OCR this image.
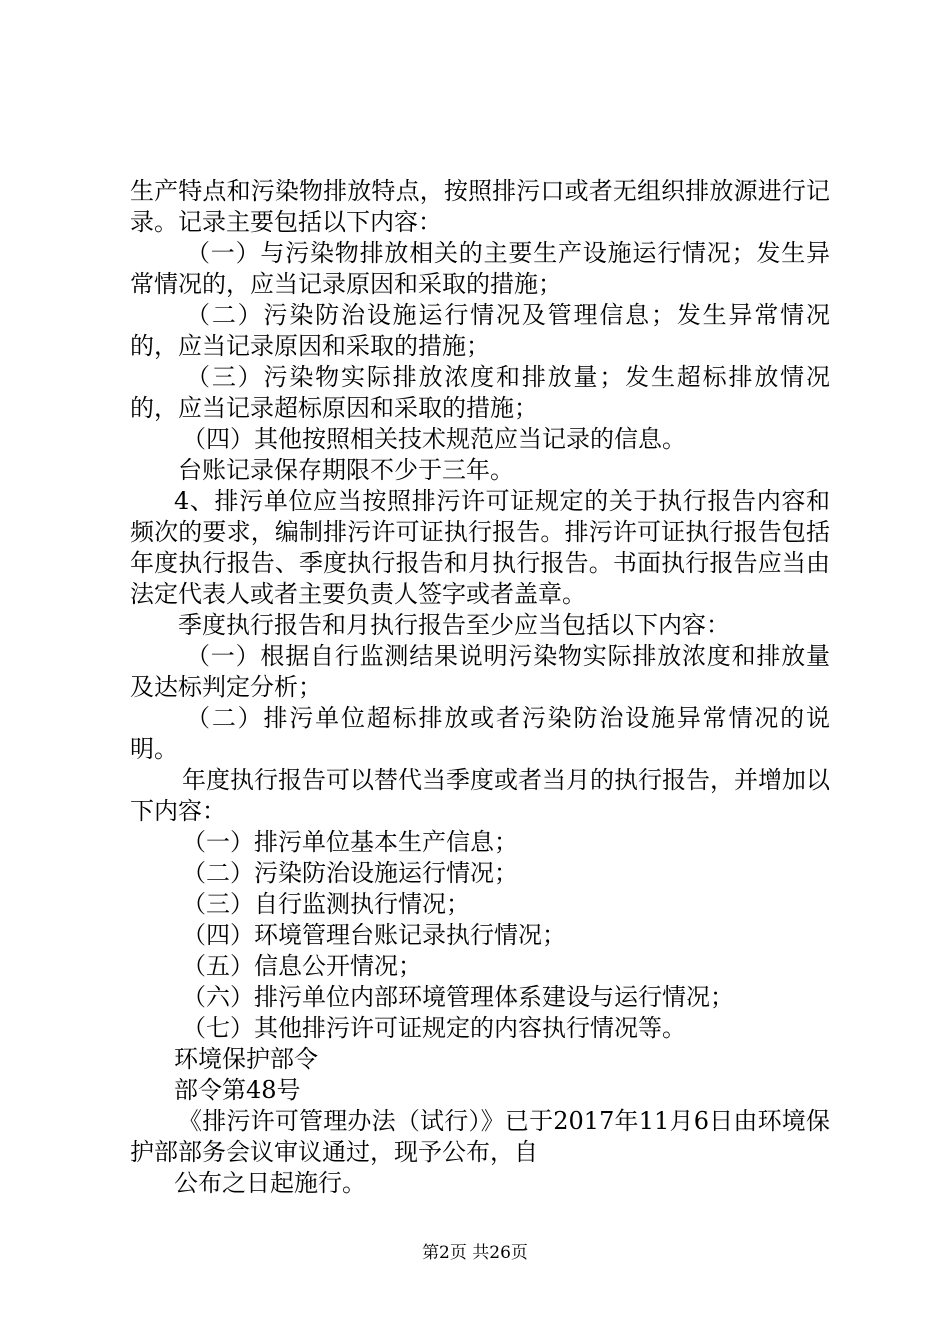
生产特点和污染物排放特点，按照排污口或者无组织排放源进行记录。记录主要包括以下内容：

（一）与污染物排放相关的主要生产设施运行情况；发生异常情况的，应当记录原因和采取的措施；

（二）污染防治设施运行情况及管理信息；发生异常情况的，应当记录原因和采取的措施；

（三）污染物实际排放浓度和排放量；发生超标排放情况的，应当记录超标原因和采取的措施；

（四）其他按照相关技术规范应当记录的信息。

台账记录保存期限不少于三年。

4、排污单位应当按照排污许可证规定的关于执行报告内容和频次的要求，编制排污许可证执行报告。排污许可证执行报告包括年度执行报告、季度执行报告和月执行报告。书面执行报告应当由法定代表人或者主要负责人签字或者盖章。

季度执行报告和月执行报告至少应当包括以下内容：

（一）根据自行监测结果说明污染物实际排放浓度和排放量及达标判定分析；

（二）排污单位超标排放或者污染防治设施异常情况的说明。

年度执行报告可以替代当季度或者当月的执行报告，并增加以下内容：

（一）排污单位基本生产信息；

（二）污染防治设施运行情况；

（三）自行监测执行情况；

（四）环境管理台账记录执行情况；

（五）信息公开情况；

（六）排污单位内部环境管理体系建设与运行情况；

（七）其他排污许可证规定的内容执行情况等。

环境保护部令

部令第48号

《排污许可管理办法（试行）》已于2017年11月6日由环境保护部部务会议审议通过，现予公布，自

公布之日起施行。

第2页 共26页
